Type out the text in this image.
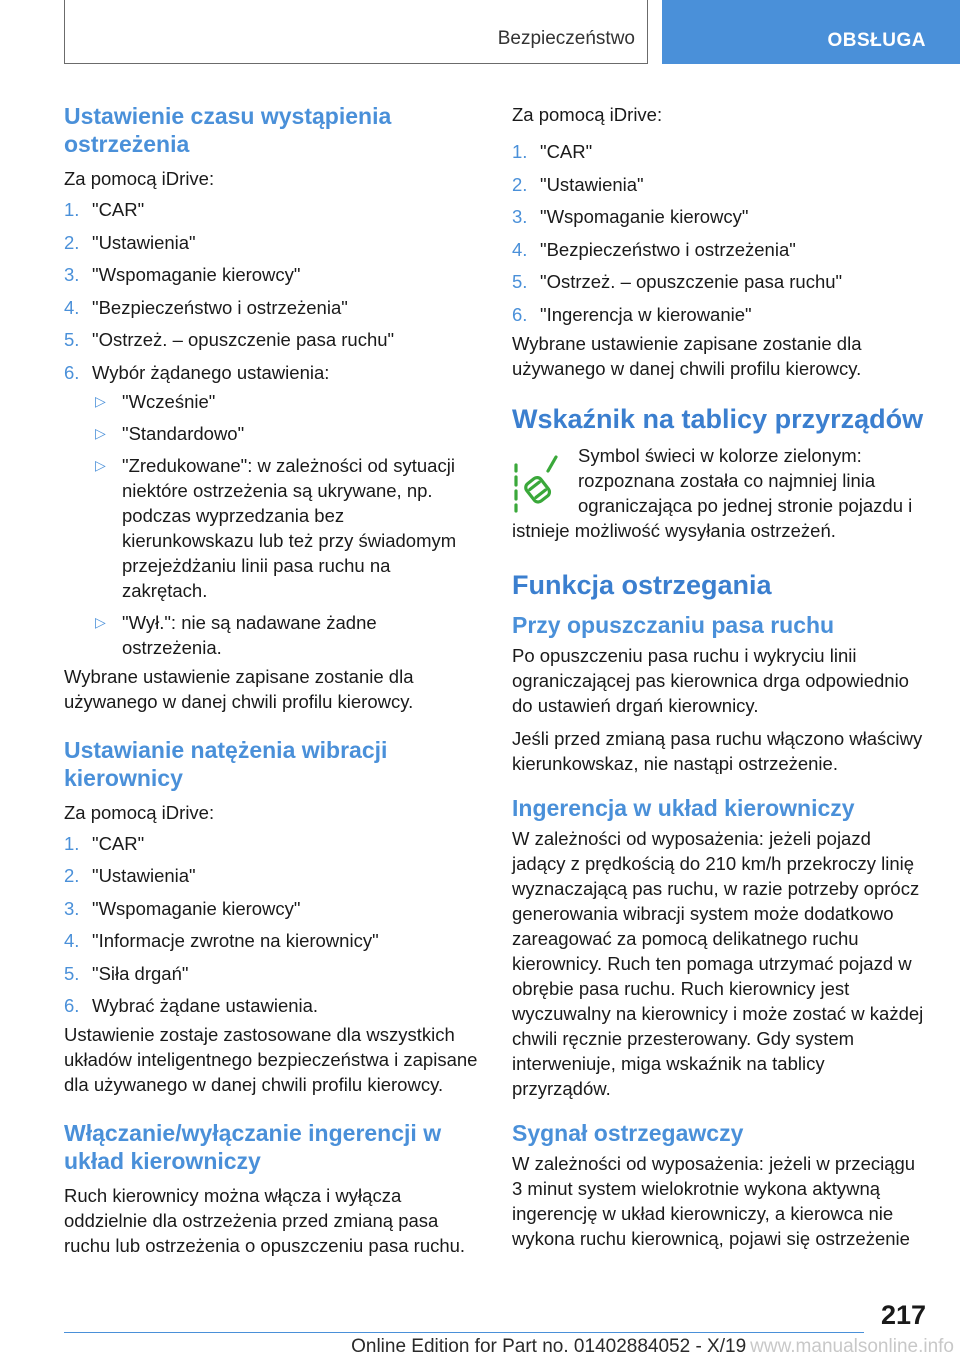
Bezpieczeństwo	OBSŁUGA
Ustawienie czasu wystąpienia ostrzeżenia

Za pomocą iDrive:

1. "CAR"
2. "Ustawienia"
3. "Wspomaganie kierowcy"
4. "Bezpieczeństwo i ostrzeżenia"
5. "Ostrzeż. – opuszczenie pasa ruchu"
6. Wybór żądanego ustawienia:
▷ "Wcześnie"
▷ "Standardowo"
▷ "Zredukowane": w zależności od sytuacji niektóre ostrzeżenia są ukrywane, np. podczas wyprzedzania bez kierunkowskazu lub też przy świadomym przejeżdżaniu linii pasa ruchu na zakrętach.
▷ "Wył.": nie są nadawane żadne ostrzeżenia.

Wybrane ustawienie zapisane zostanie dla używanego w danej chwili profilu kierowcy.

Ustawianie natężenia wibracji kierownicy

Za pomocą iDrive:

1. "CAR"
2. "Ustawienia"
3. "Wspomaganie kierowcy"
4. "Informacje zwrotne na kierownicy"
5. "Siła drgań"
6. Wybrać żądane ustawienia.

Ustawienie zostaje zastosowane dla wszystkich układów inteligentnego bezpieczeństwa i zapisane dla używanego w danej chwili profilu kierowcy.

Włączanie/wyłączanie ingerencji w układ kierowniczy

Ruch kierownicy można włącza i wyłącza oddzielnie dla ostrzeżenia przed zmianą pasa ruchu lub ostrzeżenia o opuszczeniu pasa ruchu.

Za pomocą iDrive:

1. "CAR"
2. "Ustawienia"
3. "Wspomaganie kierowcy"
4. "Bezpieczeństwo i ostrzeżenia"
5. "Ostrzeż. – opuszczenie pasa ruchu"
6. "Ingerencja w kierowanie"

Wybrane ustawienie zapisane zostanie dla używanego w danej chwili profilu kierowcy.

Wskaźnik na tablicy przyrządów

Symbol świeci w kolorze zielonym: rozpoznana została co najmniej linia ograniczająca po jednej stronie pojazdu i istnieje możliwość wysyłania ostrzeżeń.

Funkcja ostrzegania
Przy opuszczaniu pasa ruchu

Po opuszczeniu pasa ruchu i wykryciu linii ograniczającej pas kierownica drga odpowiednio do ustawień drgań kierownicy.

Jeśli przed zmianą pasa ruchu włączono właściwy kierunkowskaz, nie nastąpi ostrzeżenie.

Ingerencja w układ kierowniczy

W zależności od wyposażenia: jeżeli pojazd jadący z prędkością do 210 km/h przekroczy linię wyznaczającą pas ruchu, w razie potrzeby oprócz generowania wibracji system może dodatkowo zareagować za pomocą delikatnego ruchu kierownicy. Ruch ten pomaga utrzymać pojazd w obrębie pasa ruchu. Ruch kierownicy jest wyczuwalny na kierownicy i może zostać w każdej chwili ręcznie przesterowany. Gdy system interweniuje, miga wskaźnik na tablicy przyrządów.

Sygnał ostrzegawczy

W zależności od wyposażenia: jeżeli w przeciągu 3 minut system wielokrotnie wykona aktywną ingerencję w układ kierowniczy, a kierowca nie wykona ruchu kierownicą, pojawi się ostrzeżenie

217
Online Edition for Part no. 01402884052 - X/19 www.manualsonline.info
